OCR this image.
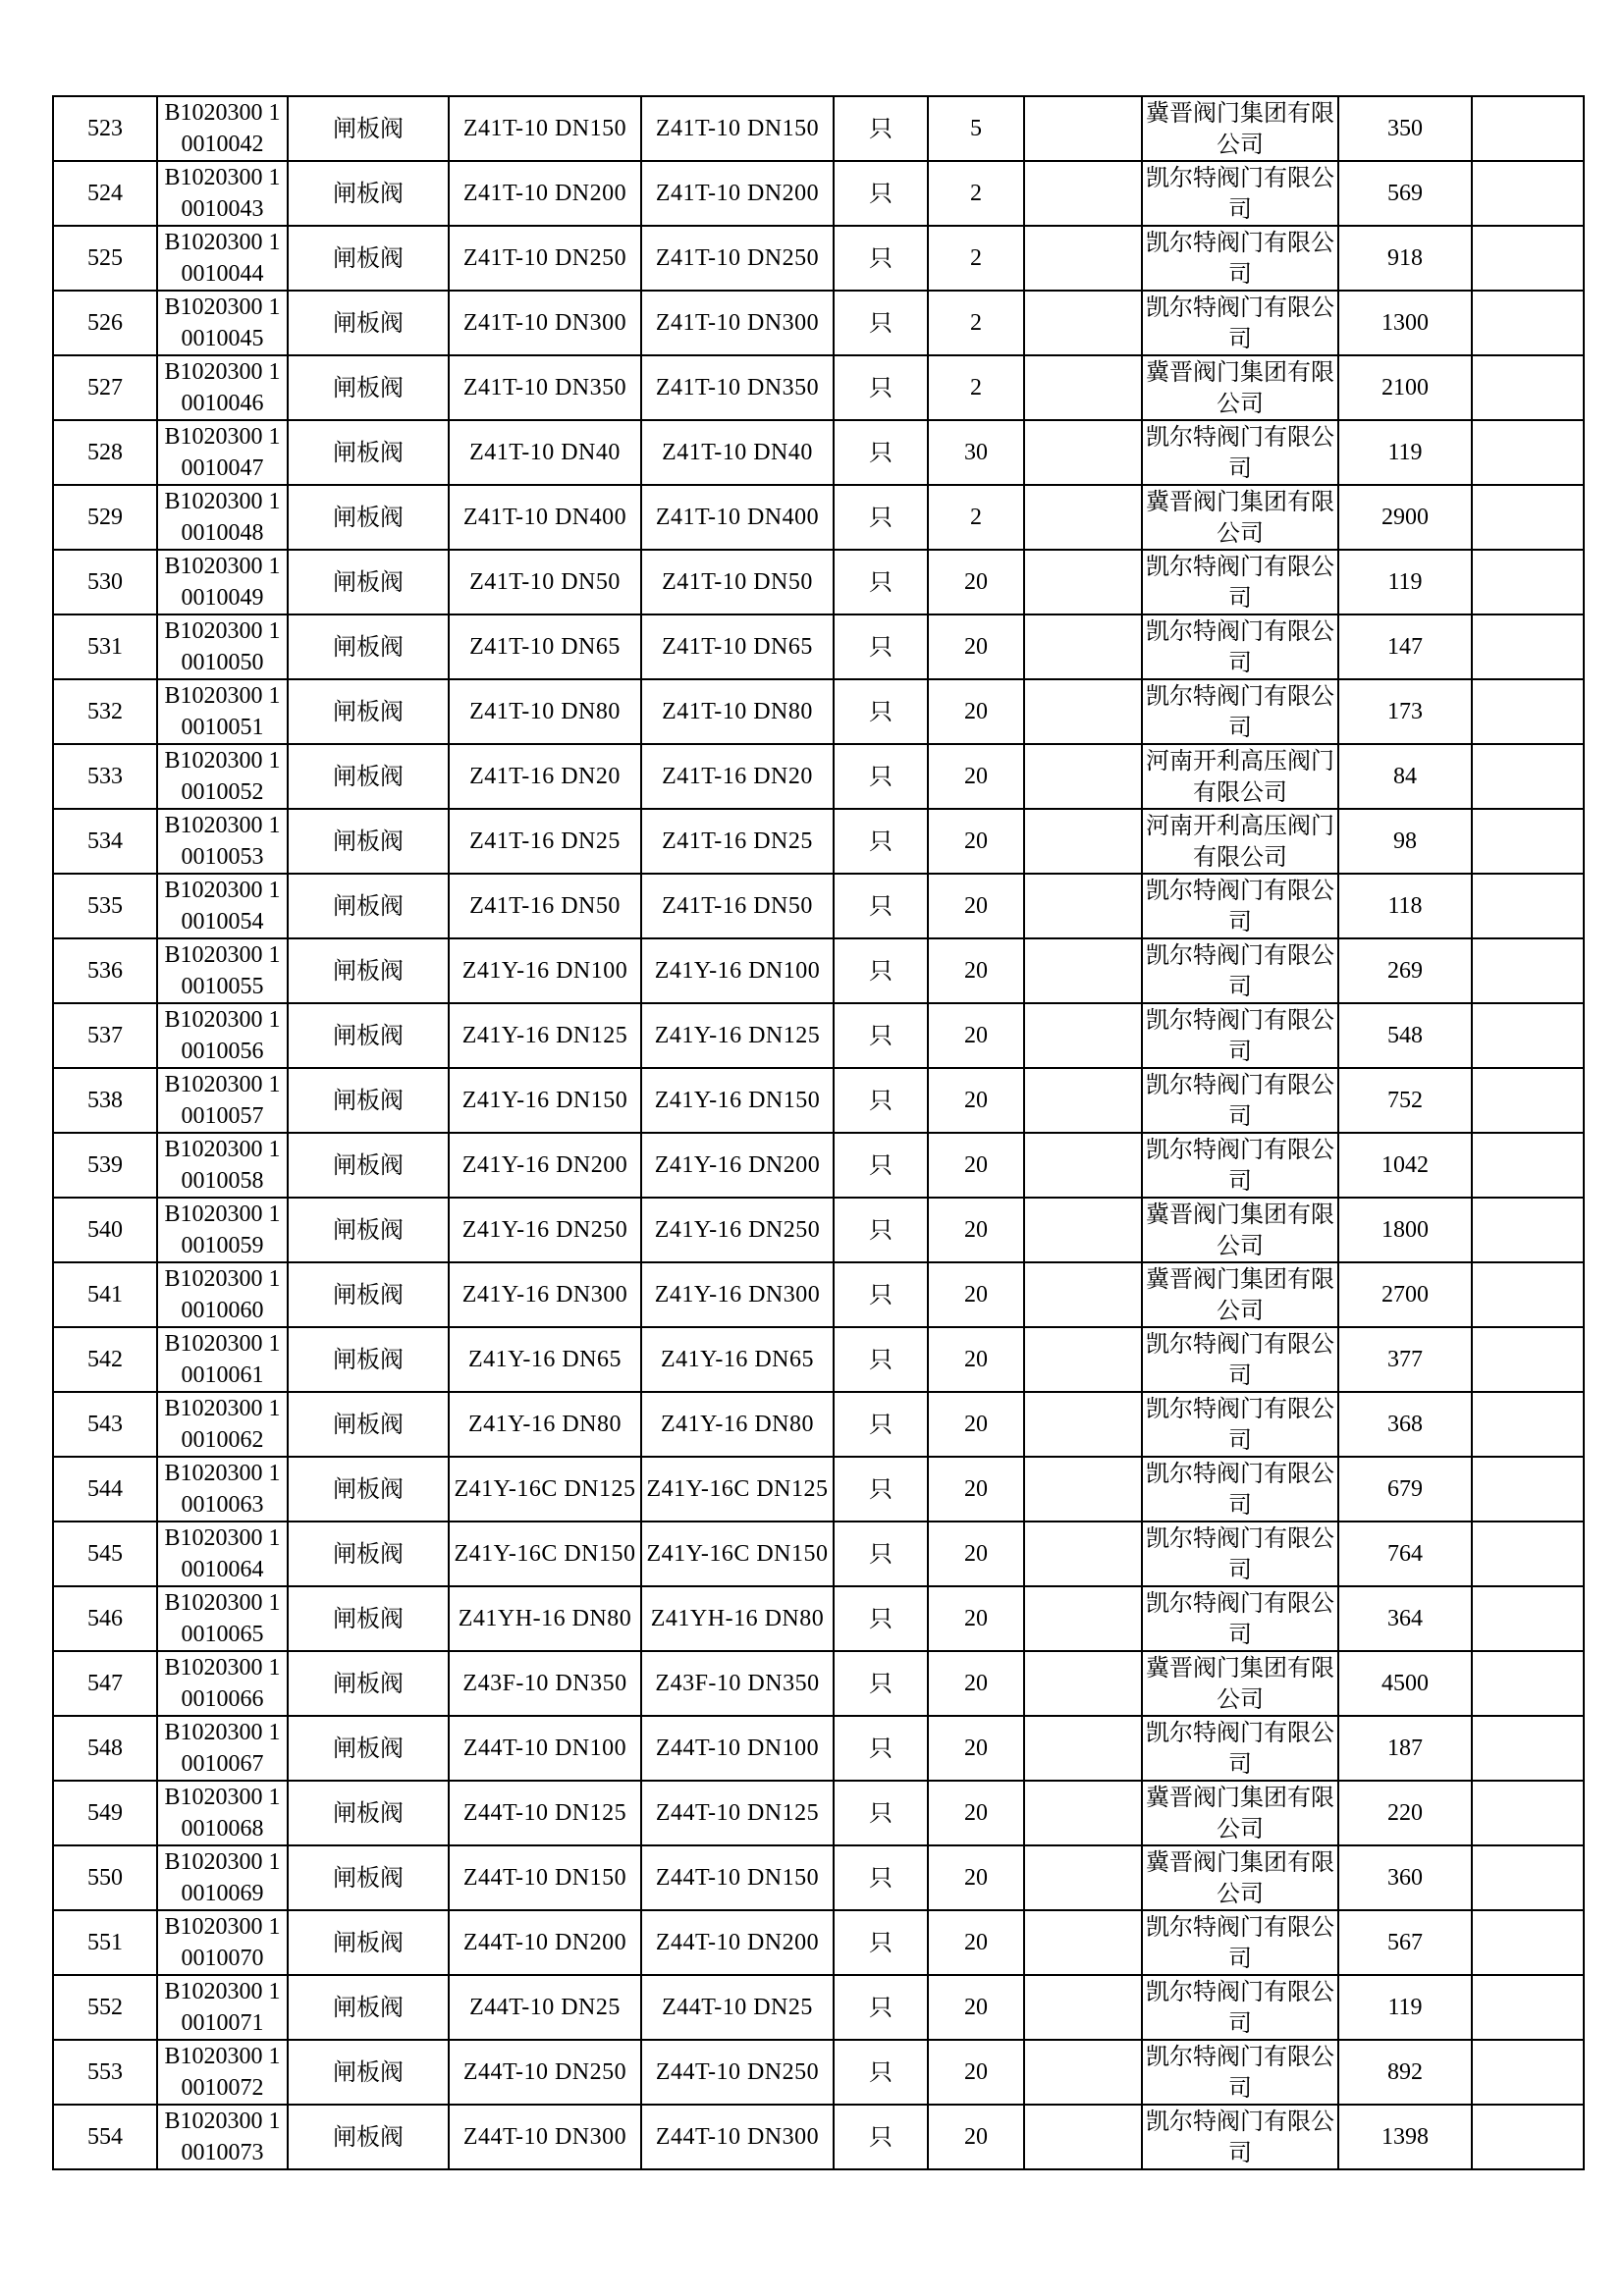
523	B1020300 10010042	闸板阀	Z41T-10 DN150	Z41T-10 DN150	只	5		冀晋阀门集团有限公司	350	
524	B1020300 10010043	闸板阀	Z41T-10 DN200	Z41T-10 DN200	只	2		凯尔特阀门有限公司	569	
525	B1020300 10010044	闸板阀	Z41T-10 DN250	Z41T-10 DN250	只	2		凯尔特阀门有限公司	918	
526	B1020300 10010045	闸板阀	Z41T-10 DN300	Z41T-10 DN300	只	2		凯尔特阀门有限公司	1300	
527	B1020300 10010046	闸板阀	Z41T-10 DN350	Z41T-10 DN350	只	2		冀晋阀门集团有限公司	2100	
528	B1020300 10010047	闸板阀	Z41T-10 DN40	Z41T-10 DN40	只	30		凯尔特阀门有限公司	119	
529	B1020300 10010048	闸板阀	Z41T-10 DN400	Z41T-10 DN400	只	2		冀晋阀门集团有限公司	2900	
530	B1020300 10010049	闸板阀	Z41T-10 DN50	Z41T-10 DN50	只	20		凯尔特阀门有限公司	119	
531	B1020300 10010050	闸板阀	Z41T-10 DN65	Z41T-10 DN65	只	20		凯尔特阀门有限公司	147	
532	B1020300 10010051	闸板阀	Z41T-10 DN80	Z41T-10 DN80	只	20		凯尔特阀门有限公司	173	
533	B1020300 10010052	闸板阀	Z41T-16 DN20	Z41T-16 DN20	只	20		河南开利高压阀门有限公司	84	
534	B1020300 10010053	闸板阀	Z41T-16 DN25	Z41T-16 DN25	只	20		河南开利高压阀门有限公司	98	
535	B1020300 10010054	闸板阀	Z41T-16 DN50	Z41T-16 DN50	只	20		凯尔特阀门有限公司	118	
536	B1020300 10010055	闸板阀	Z41Y-16 DN100	Z41Y-16 DN100	只	20		凯尔特阀门有限公司	269	
537	B1020300 10010056	闸板阀	Z41Y-16 DN125	Z41Y-16 DN125	只	20		凯尔特阀门有限公司	548	
538	B1020300 10010057	闸板阀	Z41Y-16 DN150	Z41Y-16 DN150	只	20		凯尔特阀门有限公司	752	
539	B1020300 10010058	闸板阀	Z41Y-16 DN200	Z41Y-16 DN200	只	20		凯尔特阀门有限公司	1042	
540	B1020300 10010059	闸板阀	Z41Y-16 DN250	Z41Y-16 DN250	只	20		冀晋阀门集团有限公司	1800	
541	B1020300 10010060	闸板阀	Z41Y-16 DN300	Z41Y-16 DN300	只	20		冀晋阀门集团有限公司	2700	
542	B1020300 10010061	闸板阀	Z41Y-16 DN65	Z41Y-16 DN65	只	20		凯尔特阀门有限公司	377	
543	B1020300 10010062	闸板阀	Z41Y-16 DN80	Z41Y-16 DN80	只	20		凯尔特阀门有限公司	368	
544	B1020300 10010063	闸板阀	Z41Y-16C DN125	Z41Y-16C DN125	只	20		凯尔特阀门有限公司	679	
545	B1020300 10010064	闸板阀	Z41Y-16C DN150	Z41Y-16C DN150	只	20		凯尔特阀门有限公司	764	
546	B1020300 10010065	闸板阀	Z41YH-16 DN80	Z41YH-16 DN80	只	20		凯尔特阀门有限公司	364	
547	B1020300 10010066	闸板阀	Z43F-10 DN350	Z43F-10 DN350	只	20		冀晋阀门集团有限公司	4500	
548	B1020300 10010067	闸板阀	Z44T-10 DN100	Z44T-10 DN100	只	20		凯尔特阀门有限公司	187	
549	B1020300 10010068	闸板阀	Z44T-10 DN125	Z44T-10 DN125	只	20		冀晋阀门集团有限公司	220	
550	B1020300 10010069	闸板阀	Z44T-10 DN150	Z44T-10 DN150	只	20		冀晋阀门集团有限公司	360	
551	B1020300 10010070	闸板阀	Z44T-10 DN200	Z44T-10 DN200	只	20		凯尔特阀门有限公司	567	
552	B1020300 10010071	闸板阀	Z44T-10 DN25	Z44T-10 DN25	只	20		凯尔特阀门有限公司	119	
553	B1020300 10010072	闸板阀	Z44T-10 DN250	Z44T-10 DN250	只	20		凯尔特阀门有限公司	892	
554	B1020300 10010073	闸板阀	Z44T-10 DN300	Z44T-10 DN300	只	20		凯尔特阀门有限公司	1398	
